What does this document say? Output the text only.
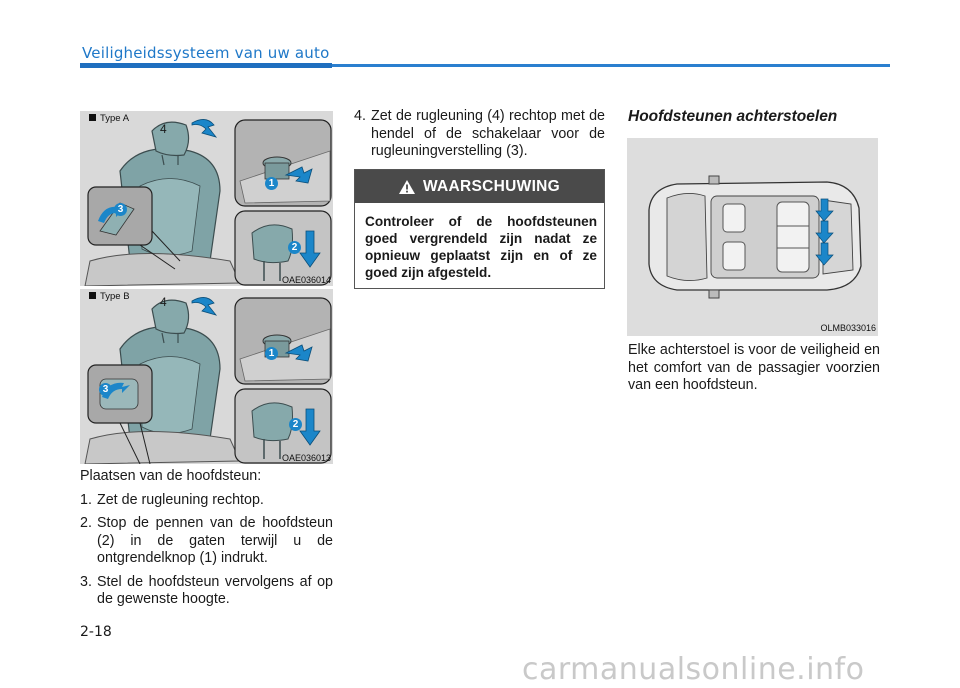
Veiligheidssysteem van uw auto
4
1
3
2
Type A
OAE036014
4
1
3
2
Type B
OAE036013

Plaatsen van de hoofdsteun:

1. Zet de rugleuning rechtop.
2. Stop de pennen van de hoofdsteun (2) in de gaten terwijl u de ontgrendelknop (1) indrukt.
3. Stel de hoofdsteun vervolgens af op de gewenste hoogte.
4. Zet de rugleuning (4) rechtop met de hendel of de schakelaar voor de rugleuningverstelling (3).
WAARSCHUWING
Controleer of de hoofdsteunen goed vergrendeld zijn nadat ze opnieuw geplaatst zijn en of ze goed zijn afgesteld.
Hoofdsteunen achterstoelen
OLMB033016
Elke achterstoel is voor de veiligheid en het comfort van de passagier voorzien van een hoofdsteun.
2-18
carmanualsonline.info
